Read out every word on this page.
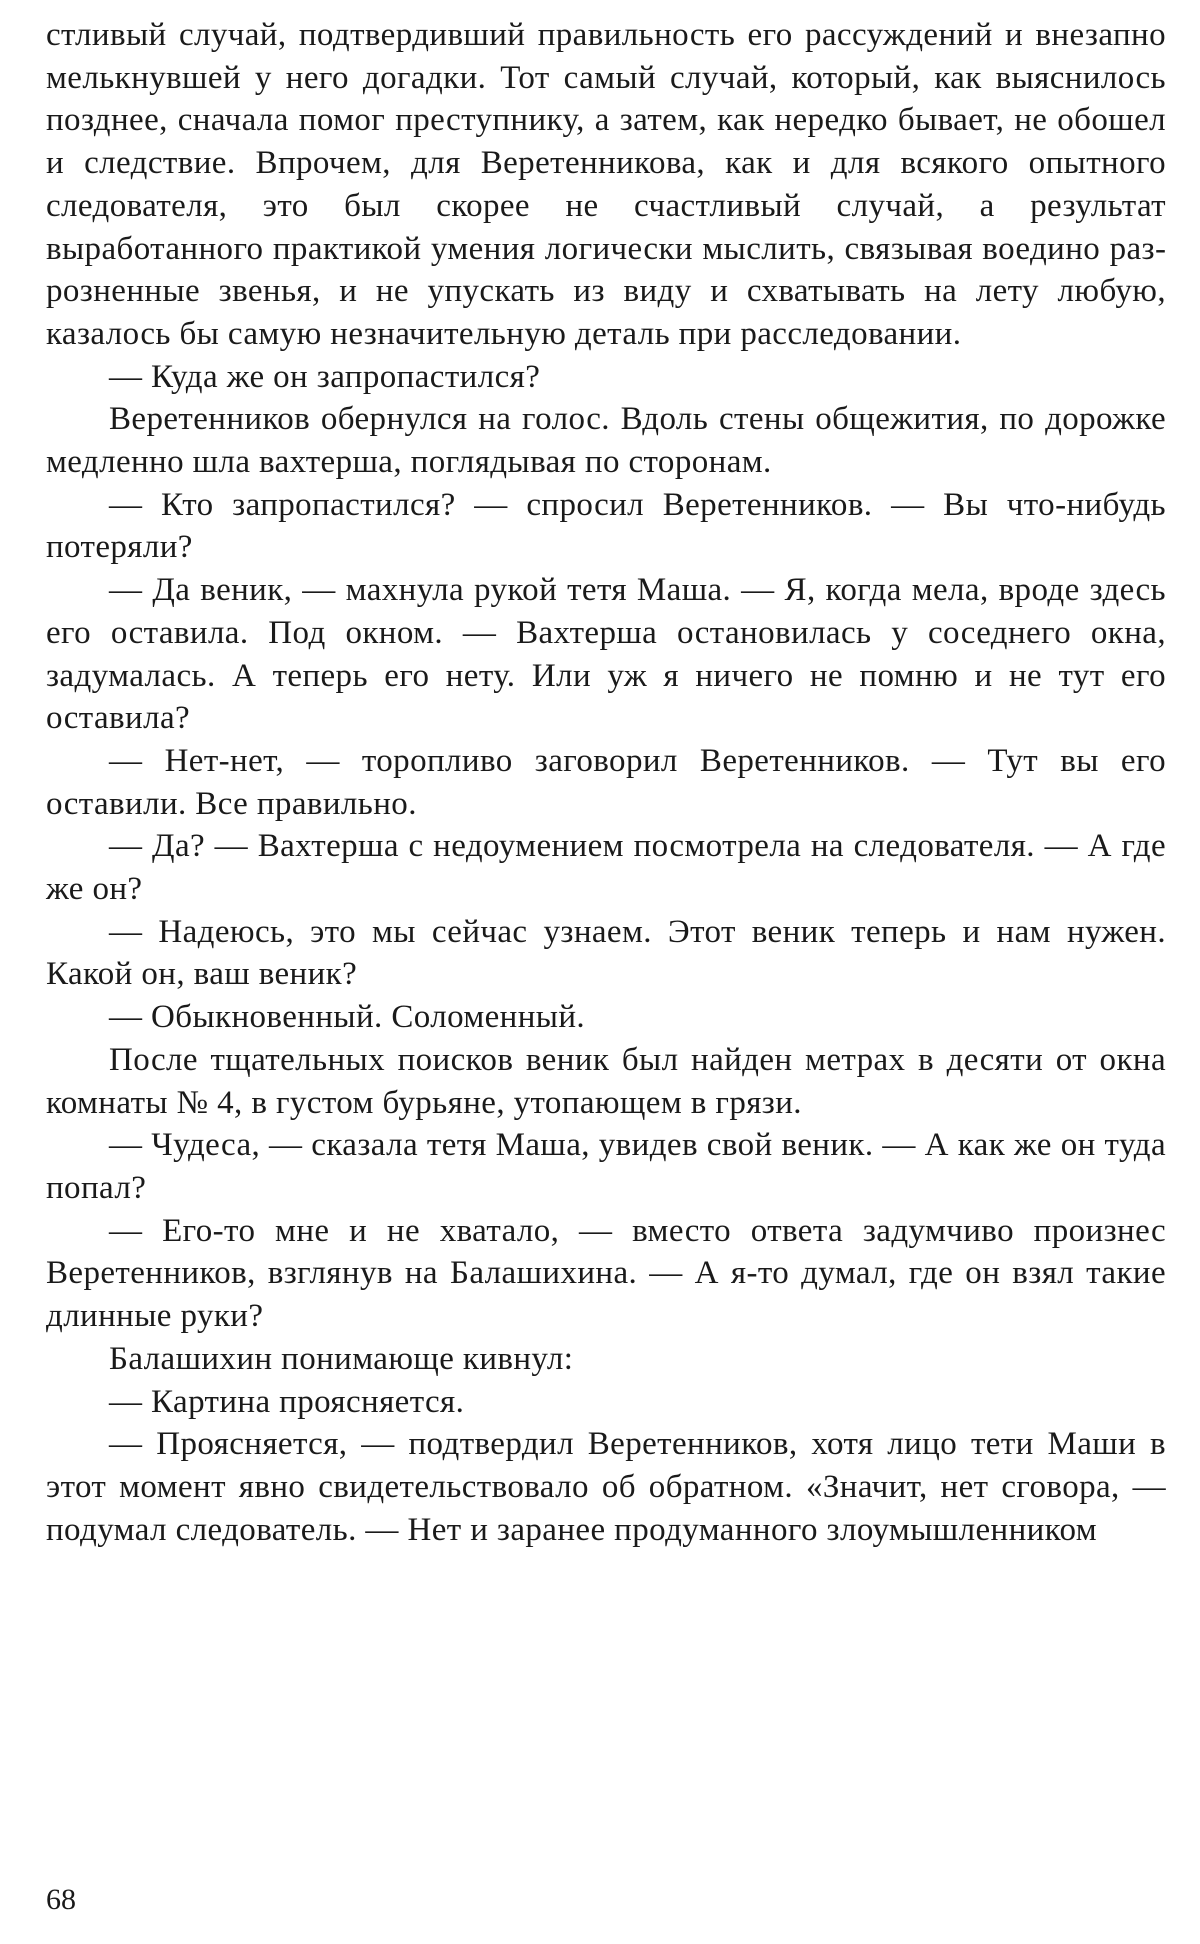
стливый случай, подтвердивший правильность его рассуждений и внезапно мелькнувшей у него догадки. Тот самый случай, который, как выяснилось позднее, сначала помог преступнику, а затем, как нередко бывает, не обошел и следствие. Впрочем, для Веретенникова, как и для всякого опытного следователя, это был скорее не счастливый случай, а результат выработанного практикой умения логически мыслить, связывая воедино разрозненные звенья, и не упускать из виду и схватывать на лету любую, казалось бы самую незначительную деталь при расследовании.

— Куда же он запропастился?

Веретенников обернулся на голос. Вдоль стены общежития, по дорожке медленно шла вахтерша, поглядывая по сторонам.

— Кто запропастился? — спросил Веретенников. — Вы что-нибудь потеряли?

— Да веник, — махнула рукой тетя Маша. — Я, когда мела, вроде здесь его оставила. Под окном. — Вахтерша остановилась у соседнего окна, задумалась. А теперь его нету. Или уж я ничего не помню и не тут его оставила?

— Нет-нет, — торопливо заговорил Веретенников. — Тут вы его оставили. Все правильно.

— Да? — Вахтерша с недоумением посмотрела на следователя. — А где же он?

— Надеюсь, это мы сейчас узнаем. Этот веник теперь и нам нужен. Какой он, ваш веник?

— Обыкновенный. Соломенный.

После тщательных поисков веник был найден метрах в десяти от окна комнаты № 4, в густом бурьяне, утопающем в грязи.

— Чудеса, — сказала тетя Маша, увидев свой веник. — А как же он туда попал?

— Его-то мне и не хватало, — вместо ответа задумчиво произнес Веретенников, взглянув на Балашихина. — А я-то думал, где он взял такие длинные руки?

Балашихин понимающе кивнул:

— Картина проясняется.

— Проясняется, — подтвердил Веретенников, хотя лицо тети Маши в этот момент явно свидетельствовало об обратном. «Значит, нет сговора, — подумал следователь. — Нет и заранее продуманного злоумышленником

68
